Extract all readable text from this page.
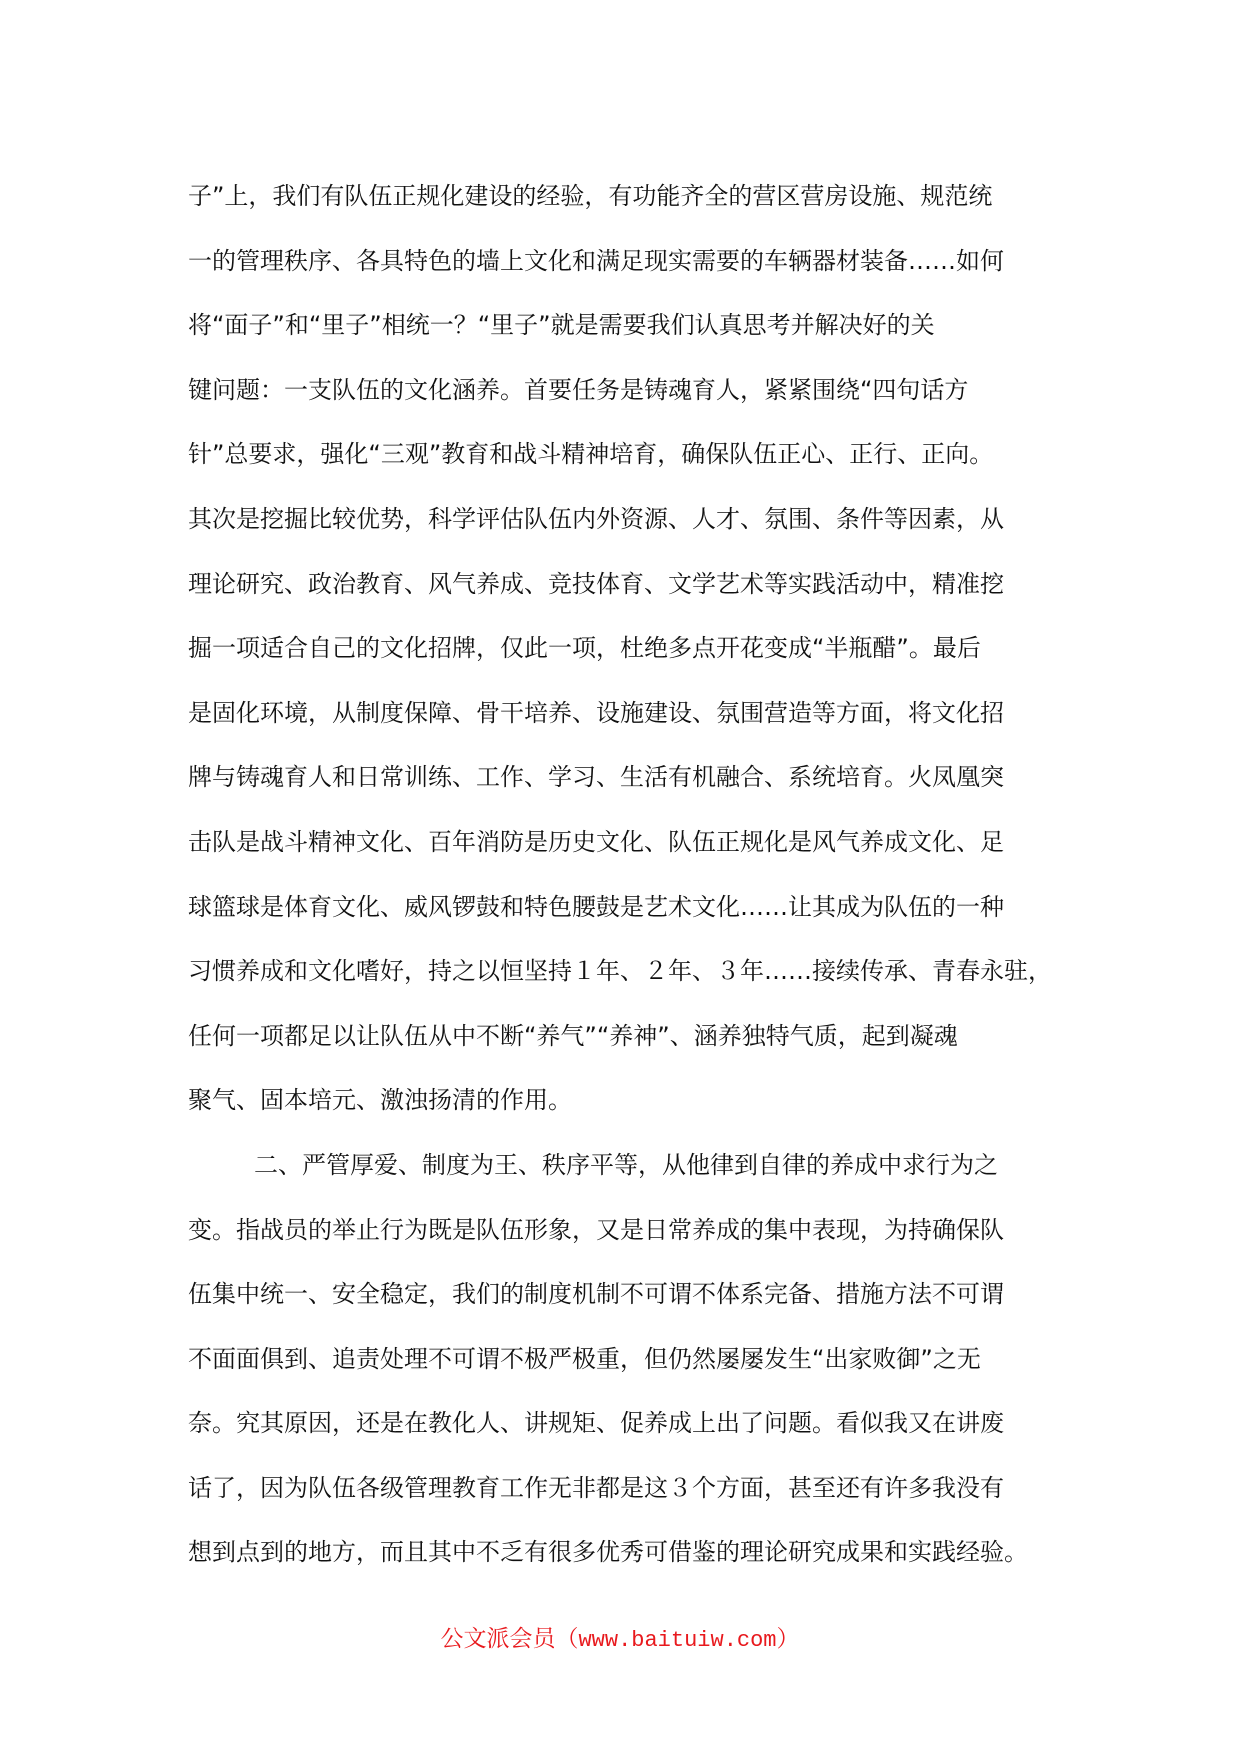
子”上，我们有队伍正规化建设的经验，有功能齐全的营区营房设施、规范统
一的管理秩序、各具特色的墙上文化和满足现实需要的车辆器材装备……如何
将“面子”和“里子”相统一？“里子”就是需要我们认真思考并解决好的关
键问题：一支队伍的文化涵养。首要任务是铸魂育人，紧紧围绕“四句话方
针”总要求，强化“三观”教育和战斗精神培育，确保队伍正心、正行、正向。
其次是挖掘比较优势，科学评估队伍内外资源、人才、氛围、条件等因素，从
理论研究、政治教育、风气养成、竞技体育、文学艺术等实践活动中，精准挖
掘一项适合自己的文化招牌，仅此一项，杜绝多点开花变成“半瓶醋”。最后
是固化环境，从制度保障、骨干培养、设施建设、氛围营造等方面，将文化招
牌与铸魂育人和日常训练、工作、学习、生活有机融合、系统培育。火凤凰突
击队是战斗精神文化、百年消防是历史文化、队伍正规化是风气养成文化、足
球篮球是体育文化、威风锣鼓和特色腰鼓是艺术文化……让其成为队伍的一种
习惯养成和文化嗜好，持之以恒坚持１年、２年、３年……接续传承、青春永驻，
任何一项都足以让队伍从中不断“养气”“养神”、涵养独特气质，起到凝魂
聚气、固本培元、激浊扬清的作用。
二、严管厚爱、制度为王、秩序平等，从他律到自律的养成中求行为之
变。指战员的举止行为既是队伍形象，又是日常养成的集中表现，为持确保队
伍集中统一、安全稳定，我们的制度机制不可谓不体系完备、措施方法不可谓
不面面俱到、追责处理不可谓不极严极重，但仍然屡屡发生“出家败御”之无
奈。究其原因，还是在教化人、讲规矩、促养成上出了问题。看似我又在讲废
话了，因为队伍各级管理教育工作无非都是这３个方面，甚至还有许多我没有
想到点到的地方，而且其中不乏有很多优秀可借鉴的理论研究成果和实践经验。
公文派会员（www.baituiw.com）
